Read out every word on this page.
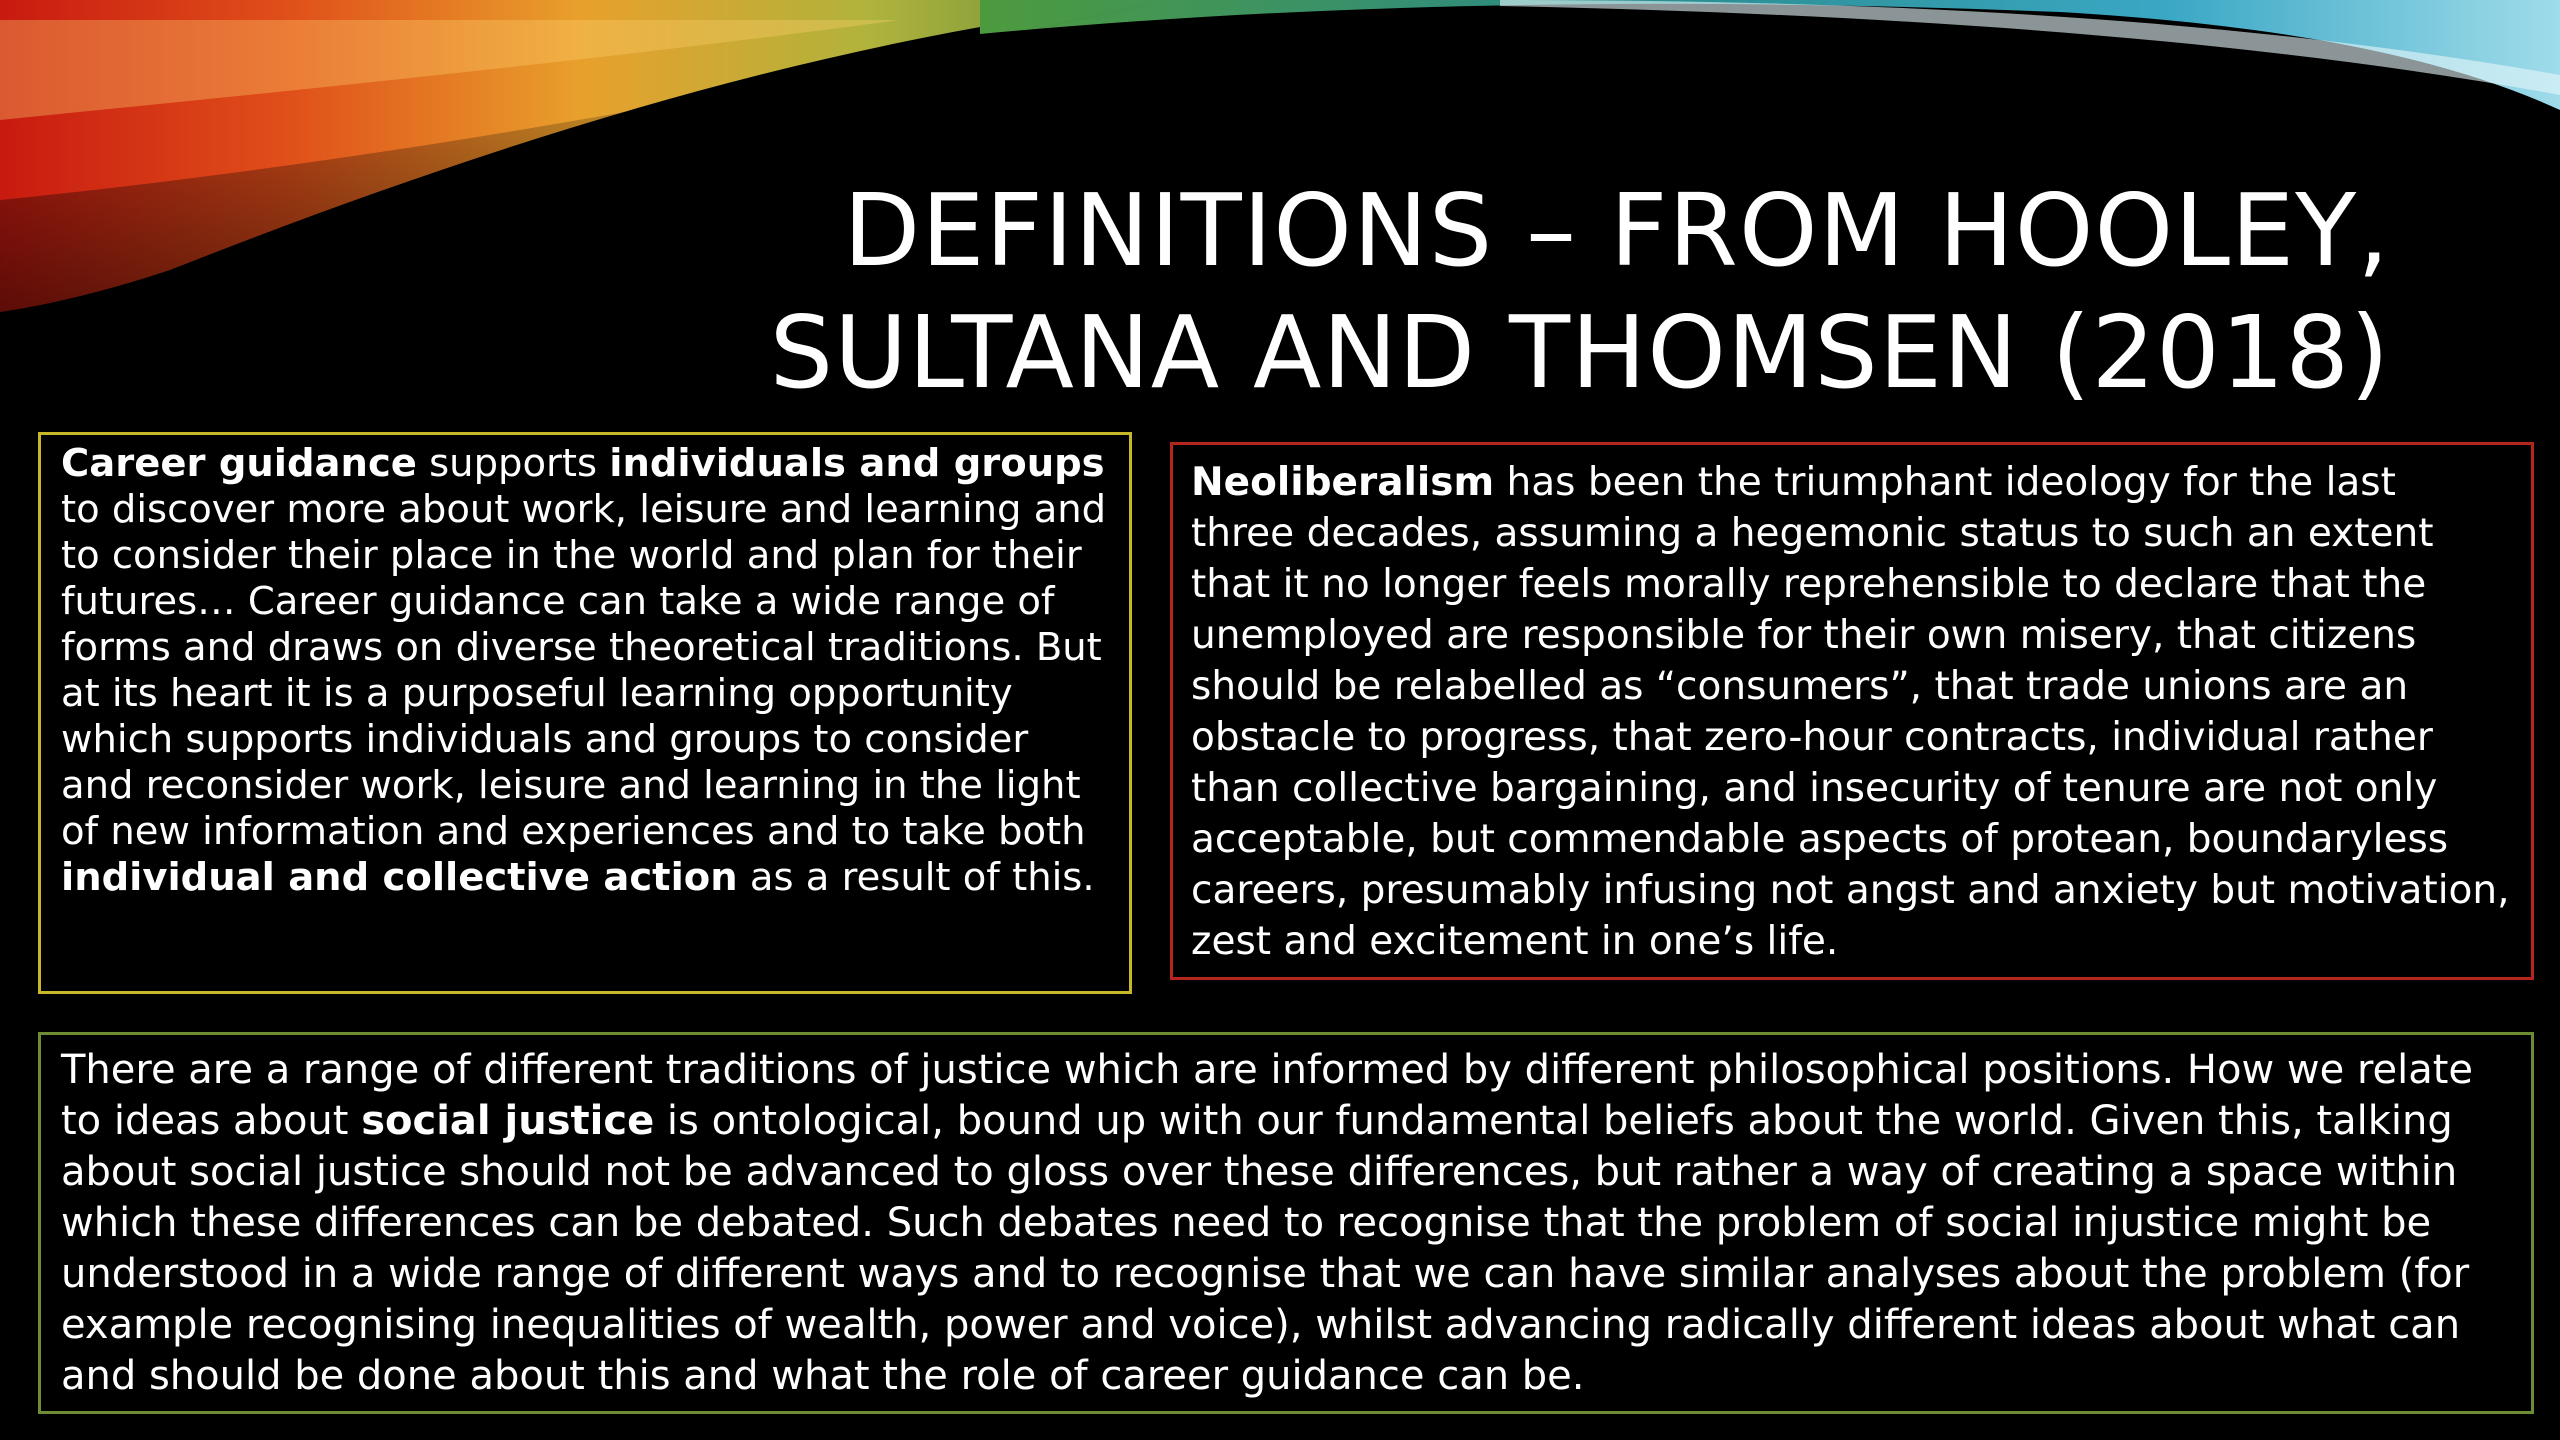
DEFINITIONS – FROM HOOLEY,
SULTANA AND THOMSEN (2018)

Career guidance supports individuals and groups to discover more about work, leisure and learning and to consider their place in the world and plan for their futures… Career guidance can take a wide range of forms and draws on diverse theoretical traditions. But at its heart it is a purposeful learning opportunity which supports individuals and groups to consider and reconsider work, leisure and learning in the light of new information and experiences and to take both individual and collective action as a result of this.

Neoliberalism has been the triumphant ideology for the last three decades, assuming a hegemonic status to such an extent that it no longer feels morally reprehensible to declare that the unemployed are responsible for their own misery, that citizens should be relabelled as “consumers”, that trade unions are an obstacle to progress, that zero-hour contracts, individual rather than collective bargaining, and insecurity of tenure are not only acceptable, but commendable aspects of protean, boundaryless careers, presumably infusing not angst and anxiety but motivation, zest and excitement in one’s life.

There are a range of different traditions of justice which are informed by different philosophical positions. How we relate to ideas about social justice is ontological, bound up with our fundamental beliefs about the world. Given this, talking about social justice should not be advanced to gloss over these differences, but rather a way of creating a space within which these differences can be debated. Such debates need to recognise that the problem of social injustice might be understood in a wide range of different ways and to recognise that we can have similar analyses about the problem (for example recognising inequalities of wealth, power and voice), whilst advancing radically different ideas about what can and should be done about this and what the role of career guidance can be.
